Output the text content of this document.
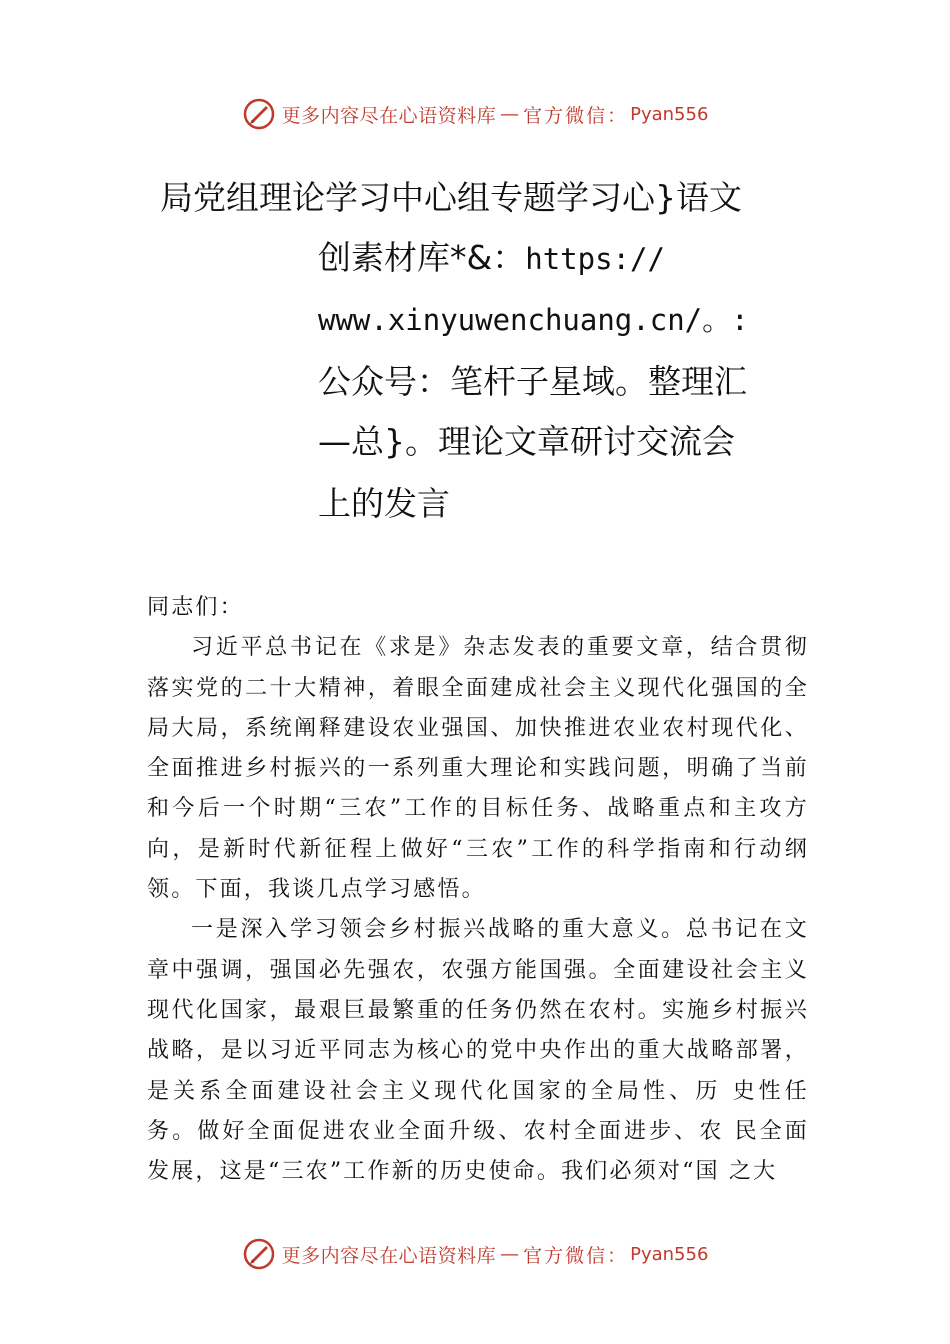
更多内容尽在心语资料库 — 官方微信： Pyan556
局党组理论学习中心组专题学习心}语文
创素材库*&：https://
www.xinyuwenchuang.cn/。:
公众号：笔杆子星域。整理汇
—总}。理论文章研讨交流会
上的发言
同志们：

习近平总书记在《求是》杂志发表的重要文章，结合贯彻落实党的二十大精神，着眼全面建成社会主义现代化强国的全局大局，系统阐释建设农业强国、加快推进农业农村现代化、全面推进乡村振兴的一系列重大理论和实践问题，明确了当前和今后一个时期“三农”工作的目标任务、战略重点和主攻方向，是新时代新征程上做好“三农”工作的科学指南和行动纲领。下面，我谈几点学习感悟。

一是深入学习领会乡村振兴战略的重大意义。总书记在文章中强调，强国必先强农，农强方能国强。全面建设社会主义现代化国家，最艰巨最繁重的任务仍然在农村。实施乡村振兴战略，是以习近平同志为核心的党中央作出的重大战略部署，是关系全面建设社会主义现代化国家的全局性、历 史性任务。做好全面促进农业全面升级、农村全面进步、农 民全面发展，这是“三农”工作新的历史使命。我们必须对“国 之大

更多内容尽在心语资料库 — 官方微信： Pyan556
